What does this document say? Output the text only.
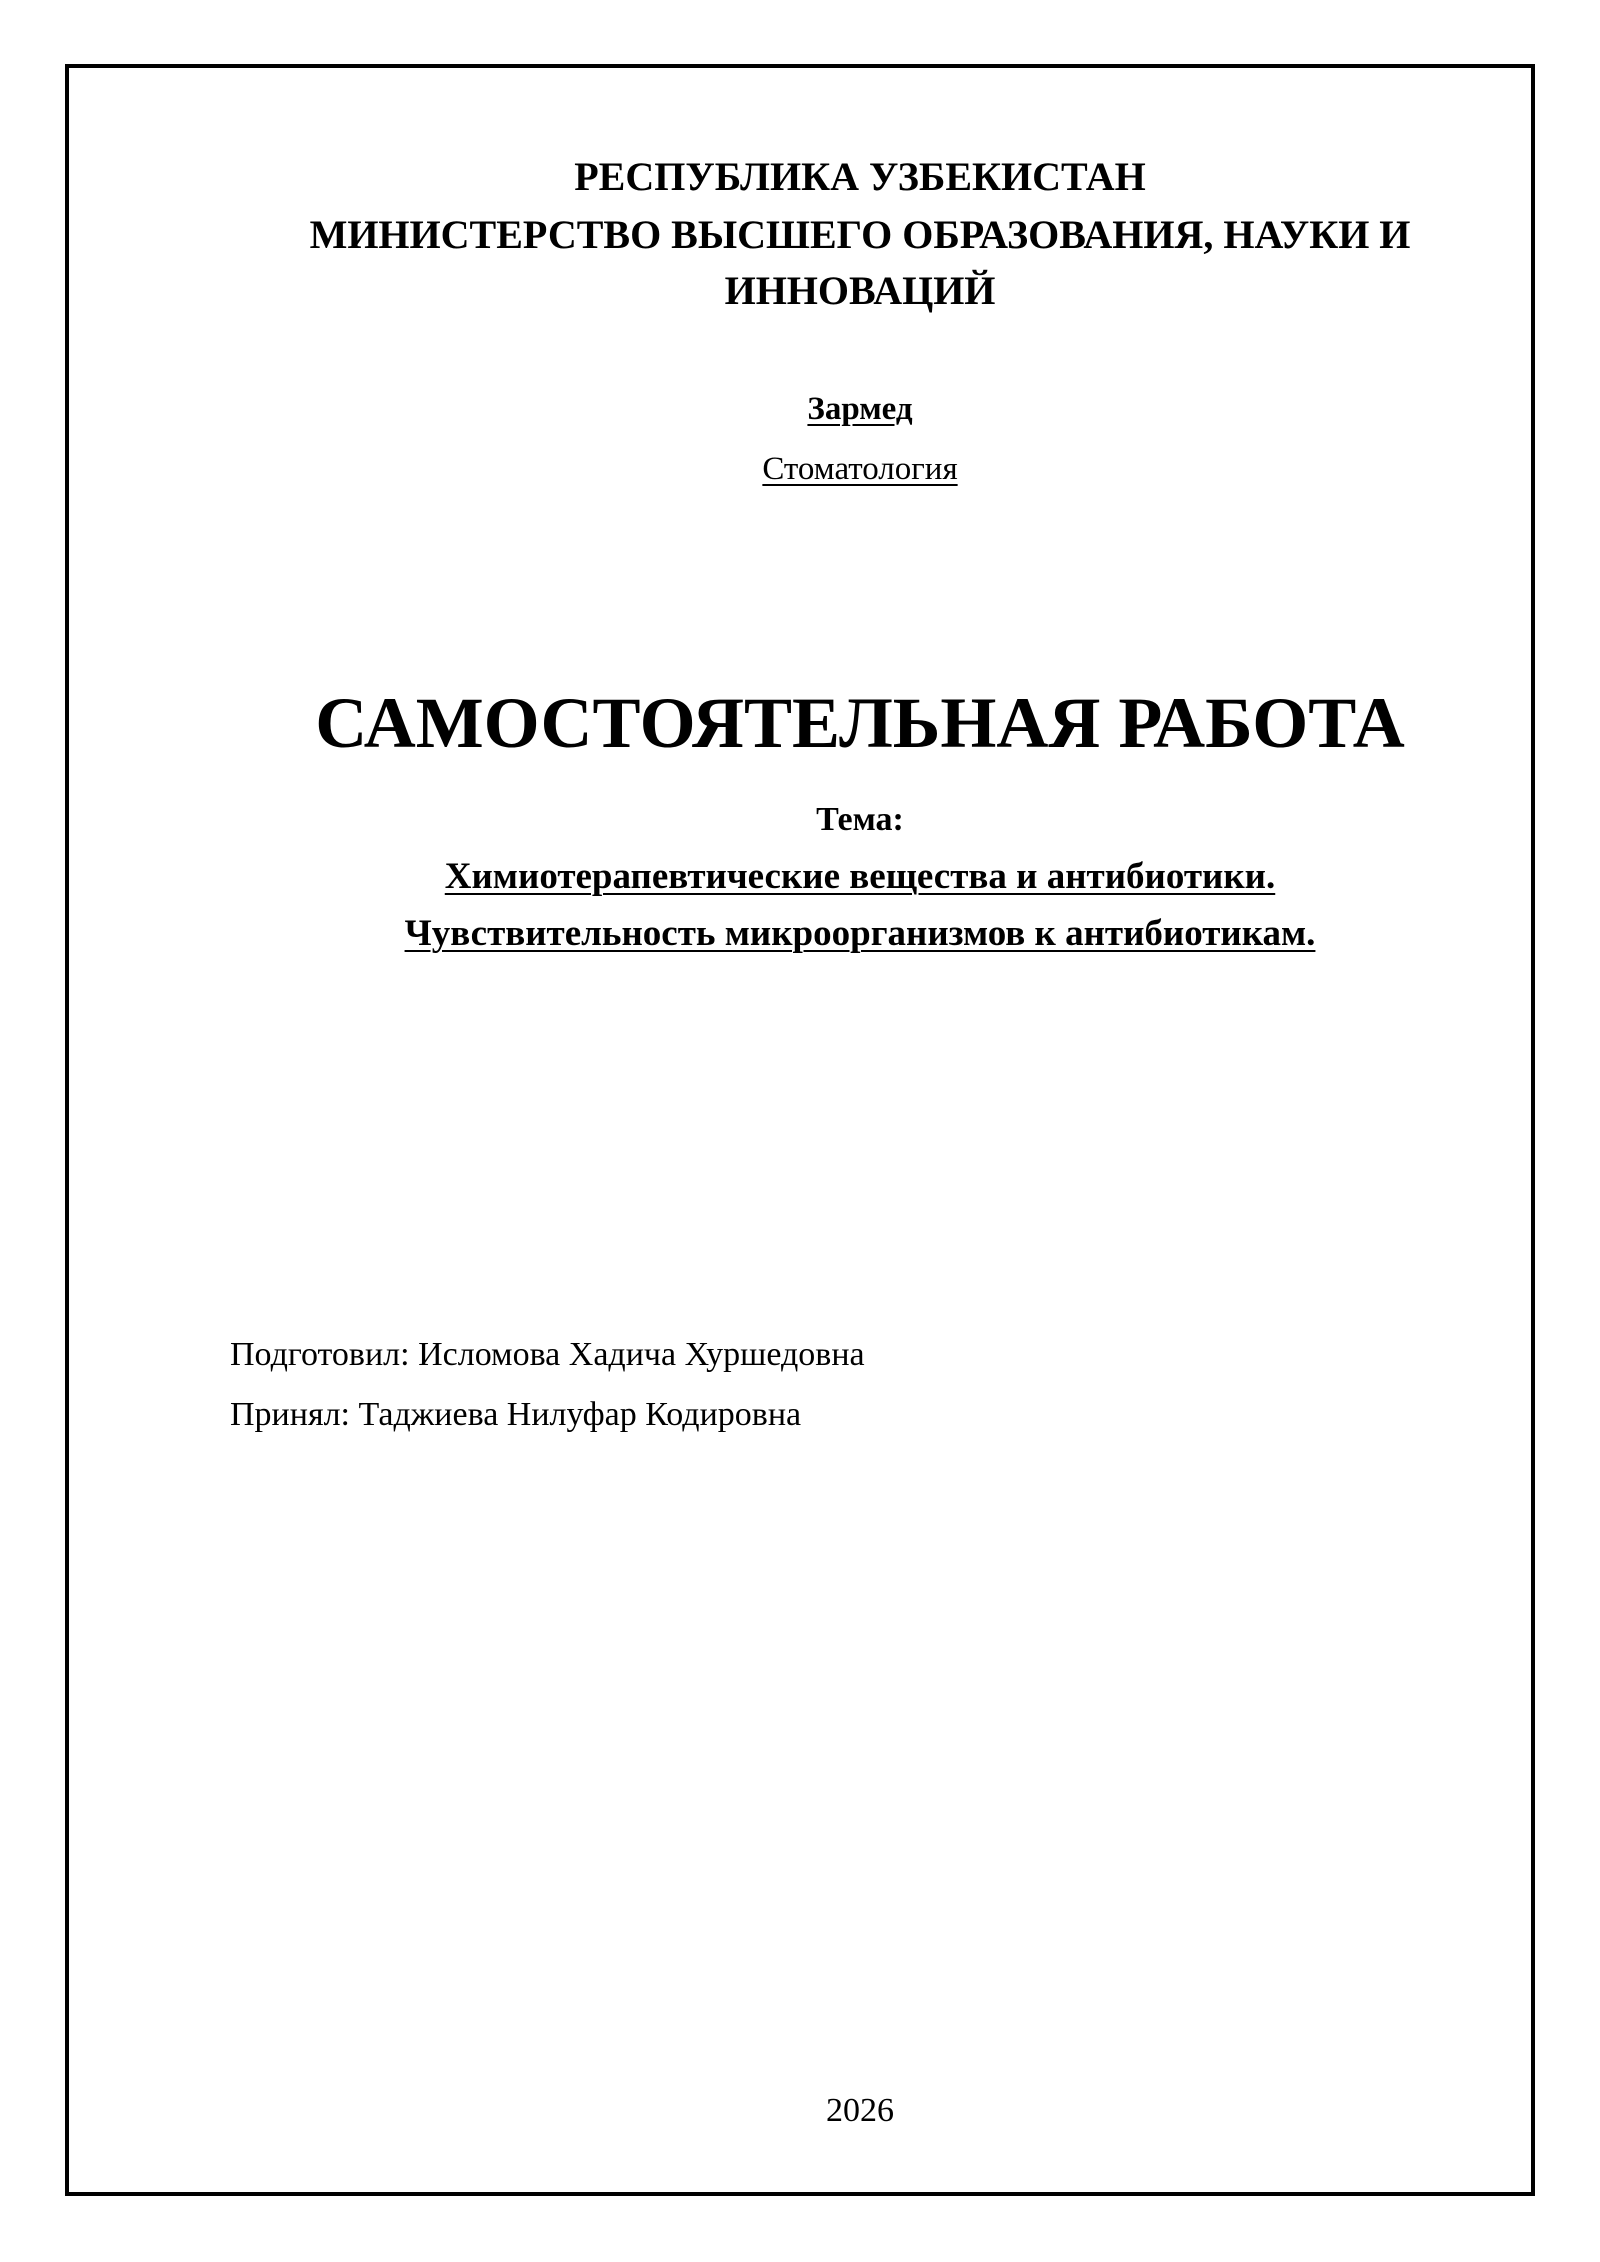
РЕСПУБЛИКА УЗБЕКИСТАН
МИНИСТЕРСТВО ВЫСШЕГО ОБРАЗОВАНИЯ, НАУКИ И
ИННОВАЦИЙ
Зармед
Стоматология
САМОСТОЯТЕЛЬНАЯ РАБОТА
Тема:
Химиотерапевтические вещества и антибиотики.
Чувствительность микроорганизмов к антибиотикам.
Подготовил: Исломова Хадича Хуршедовна
Принял: Таджиева Нилуфар Кодировна
2026
